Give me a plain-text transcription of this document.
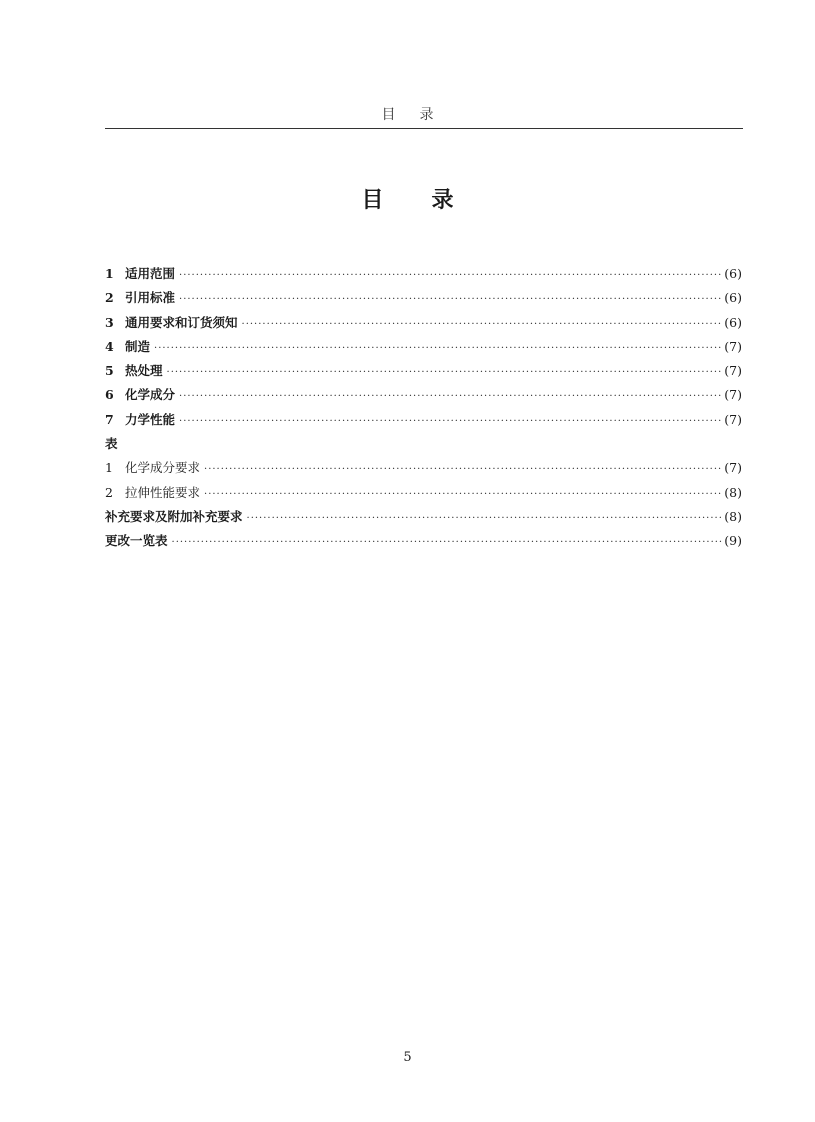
目录
目录
1 适用范围 ·····	(6)
2 引用标准 ·····	(6)
3 通用要求和订货须知 ·····	(6)
4 制造 ·····	(7)
5 热处理 ·····	(7)
6 化学成分 ·····	(7)
7 力学性能 ·····	(7)
表
1 化学成分要求 ·····	(7)
2 拉伸性能要求 ·····	(8)
补充要求及附加补充要求 ·····	(8)
更改一览表 ·····	(9)
5
